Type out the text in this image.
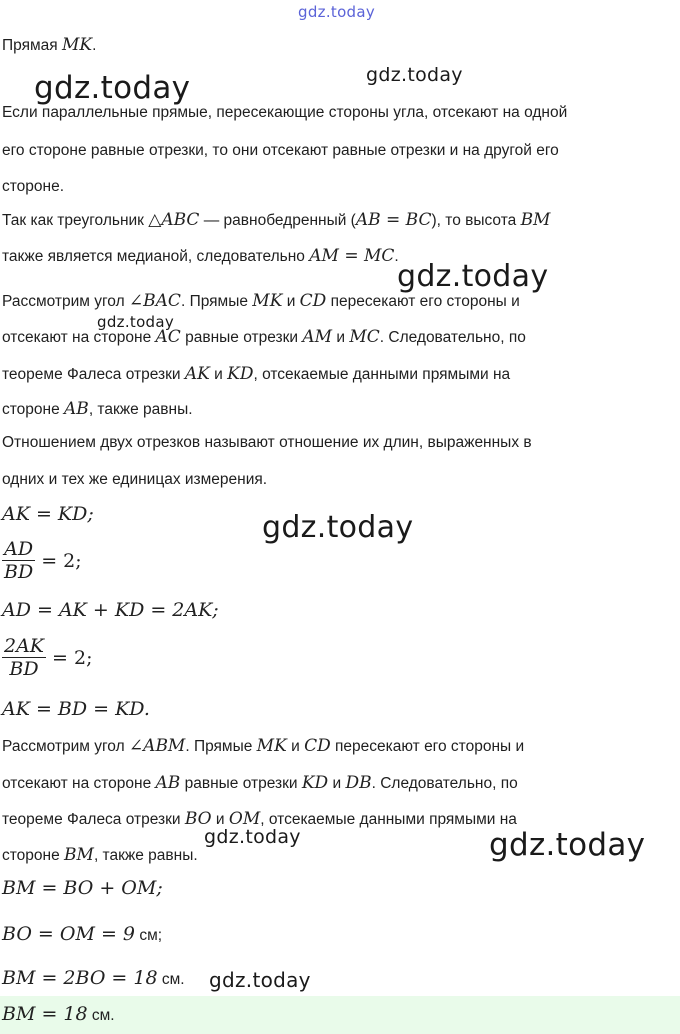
gdz.today
Прямая MK.
gdz.today	gdz.today
Если параллельные прямые, пересекающие стороны угла, отсекают на одной
его стороне равные отрезки, то они отсекают равные отрезки и на другой его
стороне.
Так как треугольник △ABC — равнобедренный (AB = BC), то высота BM
также является медианой, следовательно AM = MC.
gdz.today
Рассмотрим угол ∠BAC. Прямые MK и CD пересекают его стороны и
gdz.today
отсекают на стороне AC равные отрезки AM и MC. Следовательно, по
теореме Фалеса отрезки AK и KD, отсекаемые данными прямыми на
стороне AB, также равны.
Отношением двух отрезков называют отношение их длин, выраженных в
одних и тех же единицах измерения.
AK = KD;	gdz.today
$\frac{AD}{BD} = 2$;
AD = AK + KD = 2AK;
$\frac{2AK}{BD} = 2$;
AK = BD = KD.
Рассмотрим угол ∠ABM. Прямые MK и CD пересекают его стороны и
отсекают на стороне AB равные отрезки KD и DB. Следовательно, по
теореме Фалеса отрезки BO и OM, отсекаемые данными прямыми на
gdz.today	gdz.today
стороне BM, также равны.
BM = BO + OM;
BO = OM = 9 см;
BM = 2BO = 18 см. gdz.today
BM = 18 см.
